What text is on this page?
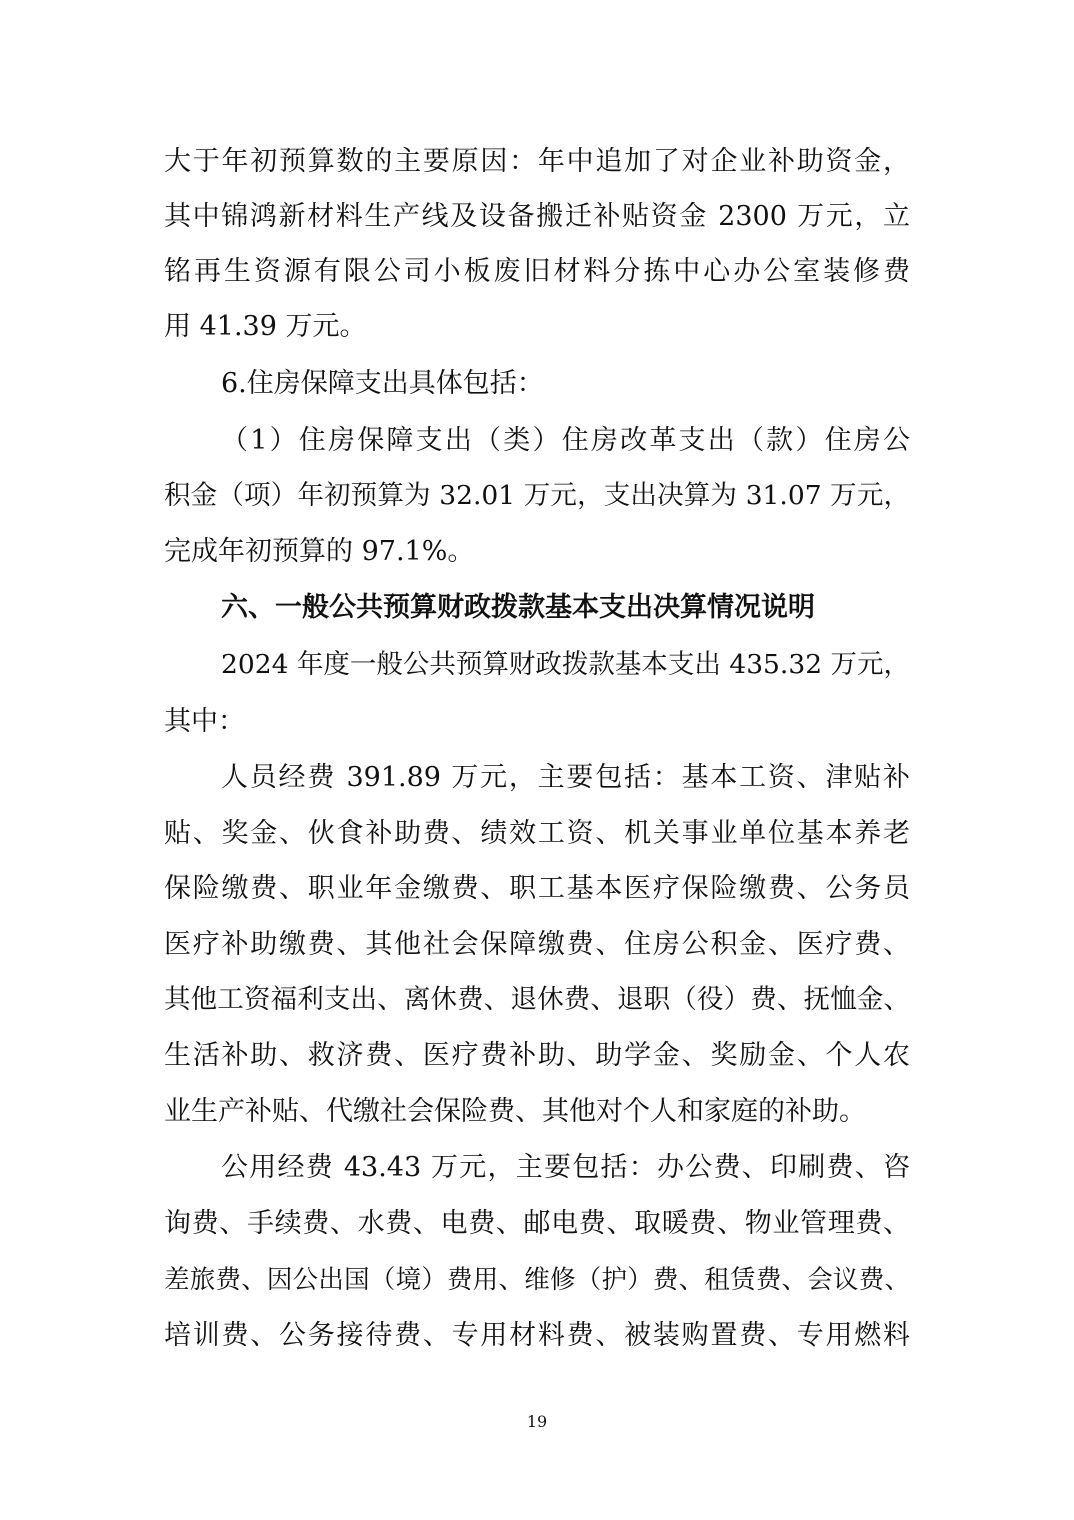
大于年初预算数的主要原因：年中追加了对企业补助资金，
其中锦鸿新材料生产线及设备搬迁补贴资金 2300 万元，立
铭再生资源有限公司小板废旧材料分拣中心办公室装修费
用 41.39 万元。
6.住房保障支出具体包括：
（1）住房保障支出（类）住房改革支出（款）住房公
积金（项）年初预算为 32.01 万元，支出决算为 31.07 万元，
完成年初预算的 97.1%。
六、一般公共预算财政拨款基本支出决算情况说明
2024 年度一般公共预算财政拨款基本支出 435.32 万元，
其中：
人员经费 391.89 万元，主要包括：基本工资、津贴补
贴、奖金、伙食补助费、绩效工资、机关事业单位基本养老
保险缴费、职业年金缴费、职工基本医疗保险缴费、公务员
医疗补助缴费、其他社会保障缴费、住房公积金、医疗费、
其他工资福利支出、离休费、退休费、退职（役）费、抚恤金、
生活补助、救济费、医疗费补助、助学金、奖励金、个人农
业生产补贴、代缴社会保险费、其他对个人和家庭的补助。
公用经费 43.43 万元，主要包括：办公费、印刷费、咨
询费、手续费、水费、电费、邮电费、取暖费、物业管理费、
差旅费、因公出国（境）费用、维修（护）费、租赁费、会议费、
培训费、公务接待费、专用材料费、被装购置费、专用燃料
19
